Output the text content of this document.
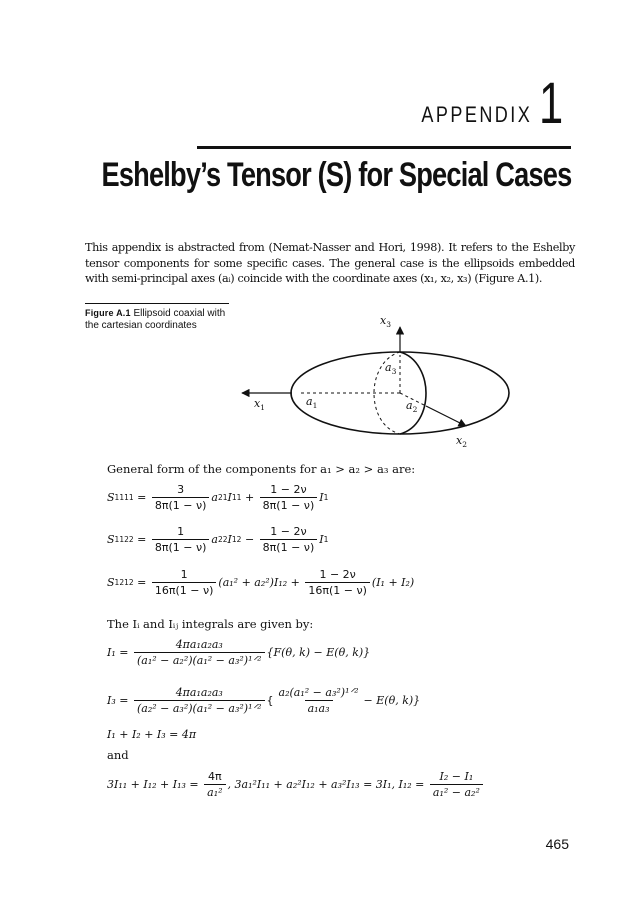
APPENDIX 1
Eshelby’s Tensor (S) for Special Cases

This appendix is abstracted from (Nemat-Nasser and Hori, 1998). It refers to the Eshelby tensor components for some specific cases. The general case is the ellipsoids embedded with semi-principal axes (aᵢ) coincide with the coordinate axes (x₁, x₂, x₃) (Figure A.1).

Figure A.1 Ellipsoid coaxial with the cartesian coordinates	$x_3$
$a_3$
$x_1$	$a_1$	$a_2$
$x_2$

General form of the components for a₁ > a₂ > a₃ are:

S $1111 = \frac{3}{8\pi(1 - \nu)}$ a 2 1 I 11
+
$\frac{1 - 2\nu}{8\pi(1 - \nu)}$ I 1
S $1122 = \frac{1}{8\pi(1 - \nu)}$ a 2 2 I 12
−
$\frac{1 - 2\nu}{8\pi(1 - \nu)}$ I 1
S $1212 = \frac{1}{16\pi(1 - \nu)} (a_1^2 + a_2^2)I_{12}$
+
$\frac{1 - 2\nu}{16\pi(1 - \nu)} (I_1 + I_2)$

The Iᵢ and Iᵢⱼ integrals are given by:

I₁ =
$\frac{\text{4πa₁a₂a₃}}{\text{(a₁² − a₂²)(a₁² − a₃²)¹ᐟ²}} \{F(\theta$, k) − E(θ, k)}
I₃ =
$\frac{\text{4πa₁a₂a₃}}{\text{(a₂² − a₃²)(a₁² − a₃²)¹ᐟ²}}$ { $\frac{\text{a₂(a₁² − a₃²)¹ᐟ²}}{\text{a₁a₃}} - E(\theta$, k)}
I₁ + I₂ + I₃ = 4π

and

3I₁₁ + I₁₂ + I₁₃ =
$\frac{4\pi}{\text{a₁²}}$ , 3a₁²I₁₁ + a₂²I₁₂ + a₃²I₁₃ = 3I₁, I₁₂ =
$\frac{\text{I₂ − I₁}}{\text{a₁² − a₂²}}$
465
